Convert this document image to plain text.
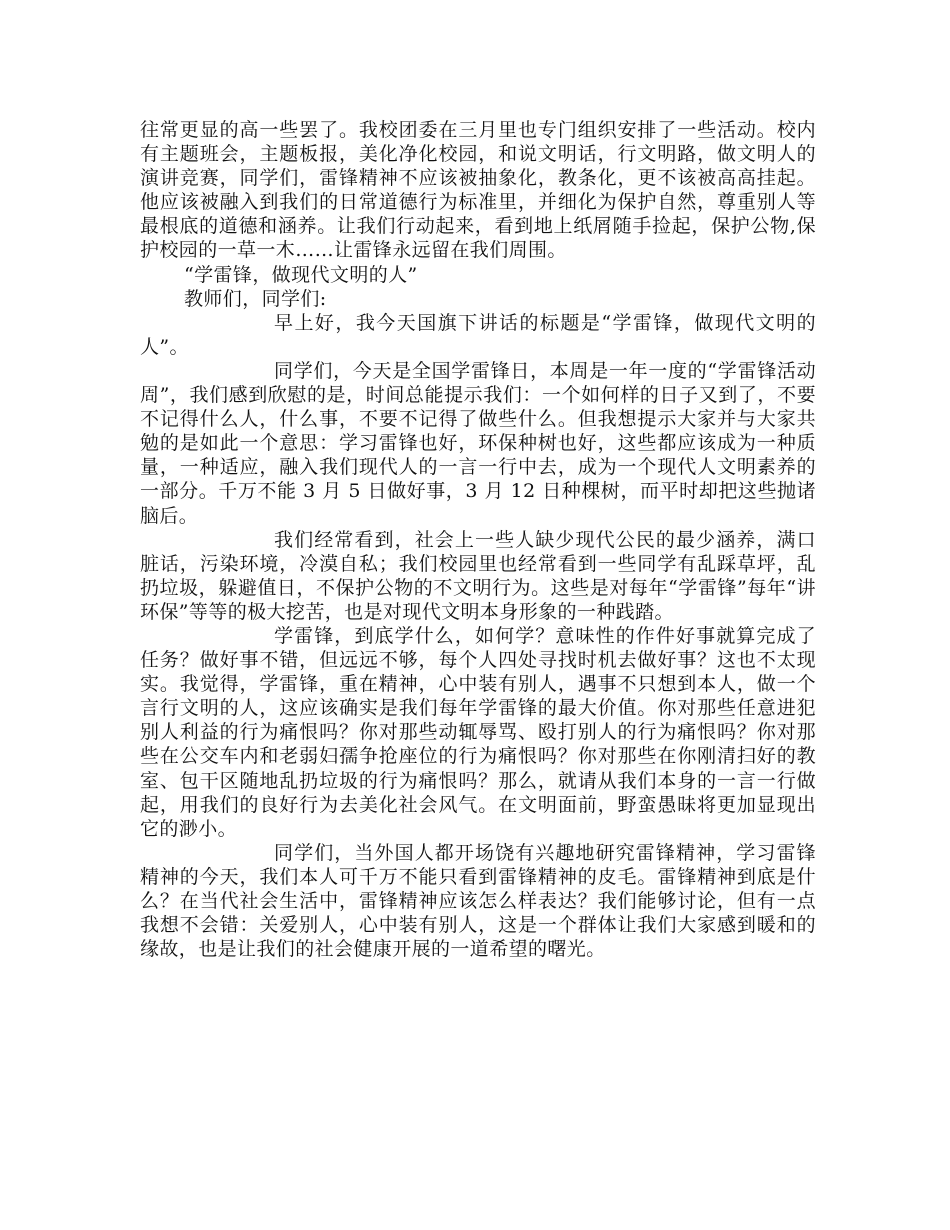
往常更显的高一些罢了。我校团委在三月里也专门组织安排了一些活动。校内有主题班会，主题板报，美化净化校园，和说文明话，行文明路，做文明人的演讲竞赛，同学们，雷锋精神不应该被抽象化，教条化，更不该被高高挂起。他应该被融入到我们的日常道德行为标准里，并细化为保护自然，尊重别人等最根底的道德和涵养。让我们行动起来，看到地上纸屑随手捡起，保护公物,保护校园的一草一木……让雷锋永远留在我们周围。

“学雷锋，做现代文明的人”

教师们，同学们:

早上好，我今天国旗下讲话的标题是“学雷锋，做现代文明的人”。

同学们，今天是全国学雷锋日，本周是一年一度的“学雷锋活动周”，我们感到欣慰的是，时间总能提示我们：一个如何样的日子又到了，不要不记得什么人，什么事，不要不记得了做些什么。但我想提示大家并与大家共勉的是如此一个意思：学习雷锋也好，环保种树也好，这些都应该成为一种质量，一种适应，融入我们现代人的一言一行中去，成为一个现代人文明素养的一部分。千万不能 3 月 5 日做好事，3 月 12 日种棵树，而平时却把这些抛诸脑后。

我们经常看到，社会上一些人缺少现代公民的最少涵养，满口脏话，污染环境，冷漠自私；我们校园里也经常看到一些同学有乱踩草坪，乱扔垃圾，躲避值日，不保护公物的不文明行为。这些是对每年“学雷锋”每年“讲环保”等等的极大挖苦，也是对现代文明本身形象的一种践踏。

学雷锋，到底学什么，如何学？意味性的作件好事就算完成了任务？做好事不错，但远远不够，每个人四处寻找时机去做好事？这也不太现实。我觉得，学雷锋，重在精神，心中装有别人，遇事不只想到本人，做一个言行文明的人，这应该确实是我们每年学雷锋的最大价值。你对那些任意进犯别人利益的行为痛恨吗？你对那些动辄辱骂、殴打别人的行为痛恨吗？你对那些在公交车内和老弱妇孺争抢座位的行为痛恨吗？你对那些在你刚清扫好的教室、包干区随地乱扔垃圾的行为痛恨吗？那么，就请从我们本身的一言一行做起，用我们的良好行为去美化社会风气。在文明面前，野蛮愚昧将更加显现出它的渺小。

同学们，当外国人都开场饶有兴趣地研究雷锋精神，学习雷锋精神的今天，我们本人可千万不能只看到雷锋精神的皮毛。雷锋精神到底是什么？在当代社会生活中，雷锋精神应该怎么样表达？我们能够讨论，但有一点我想不会错：关爱别人，心中装有别人，这是一个群体让我们大家感到暖和的缘故，也是让我们的社会健康开展的一道希望的曙光。
